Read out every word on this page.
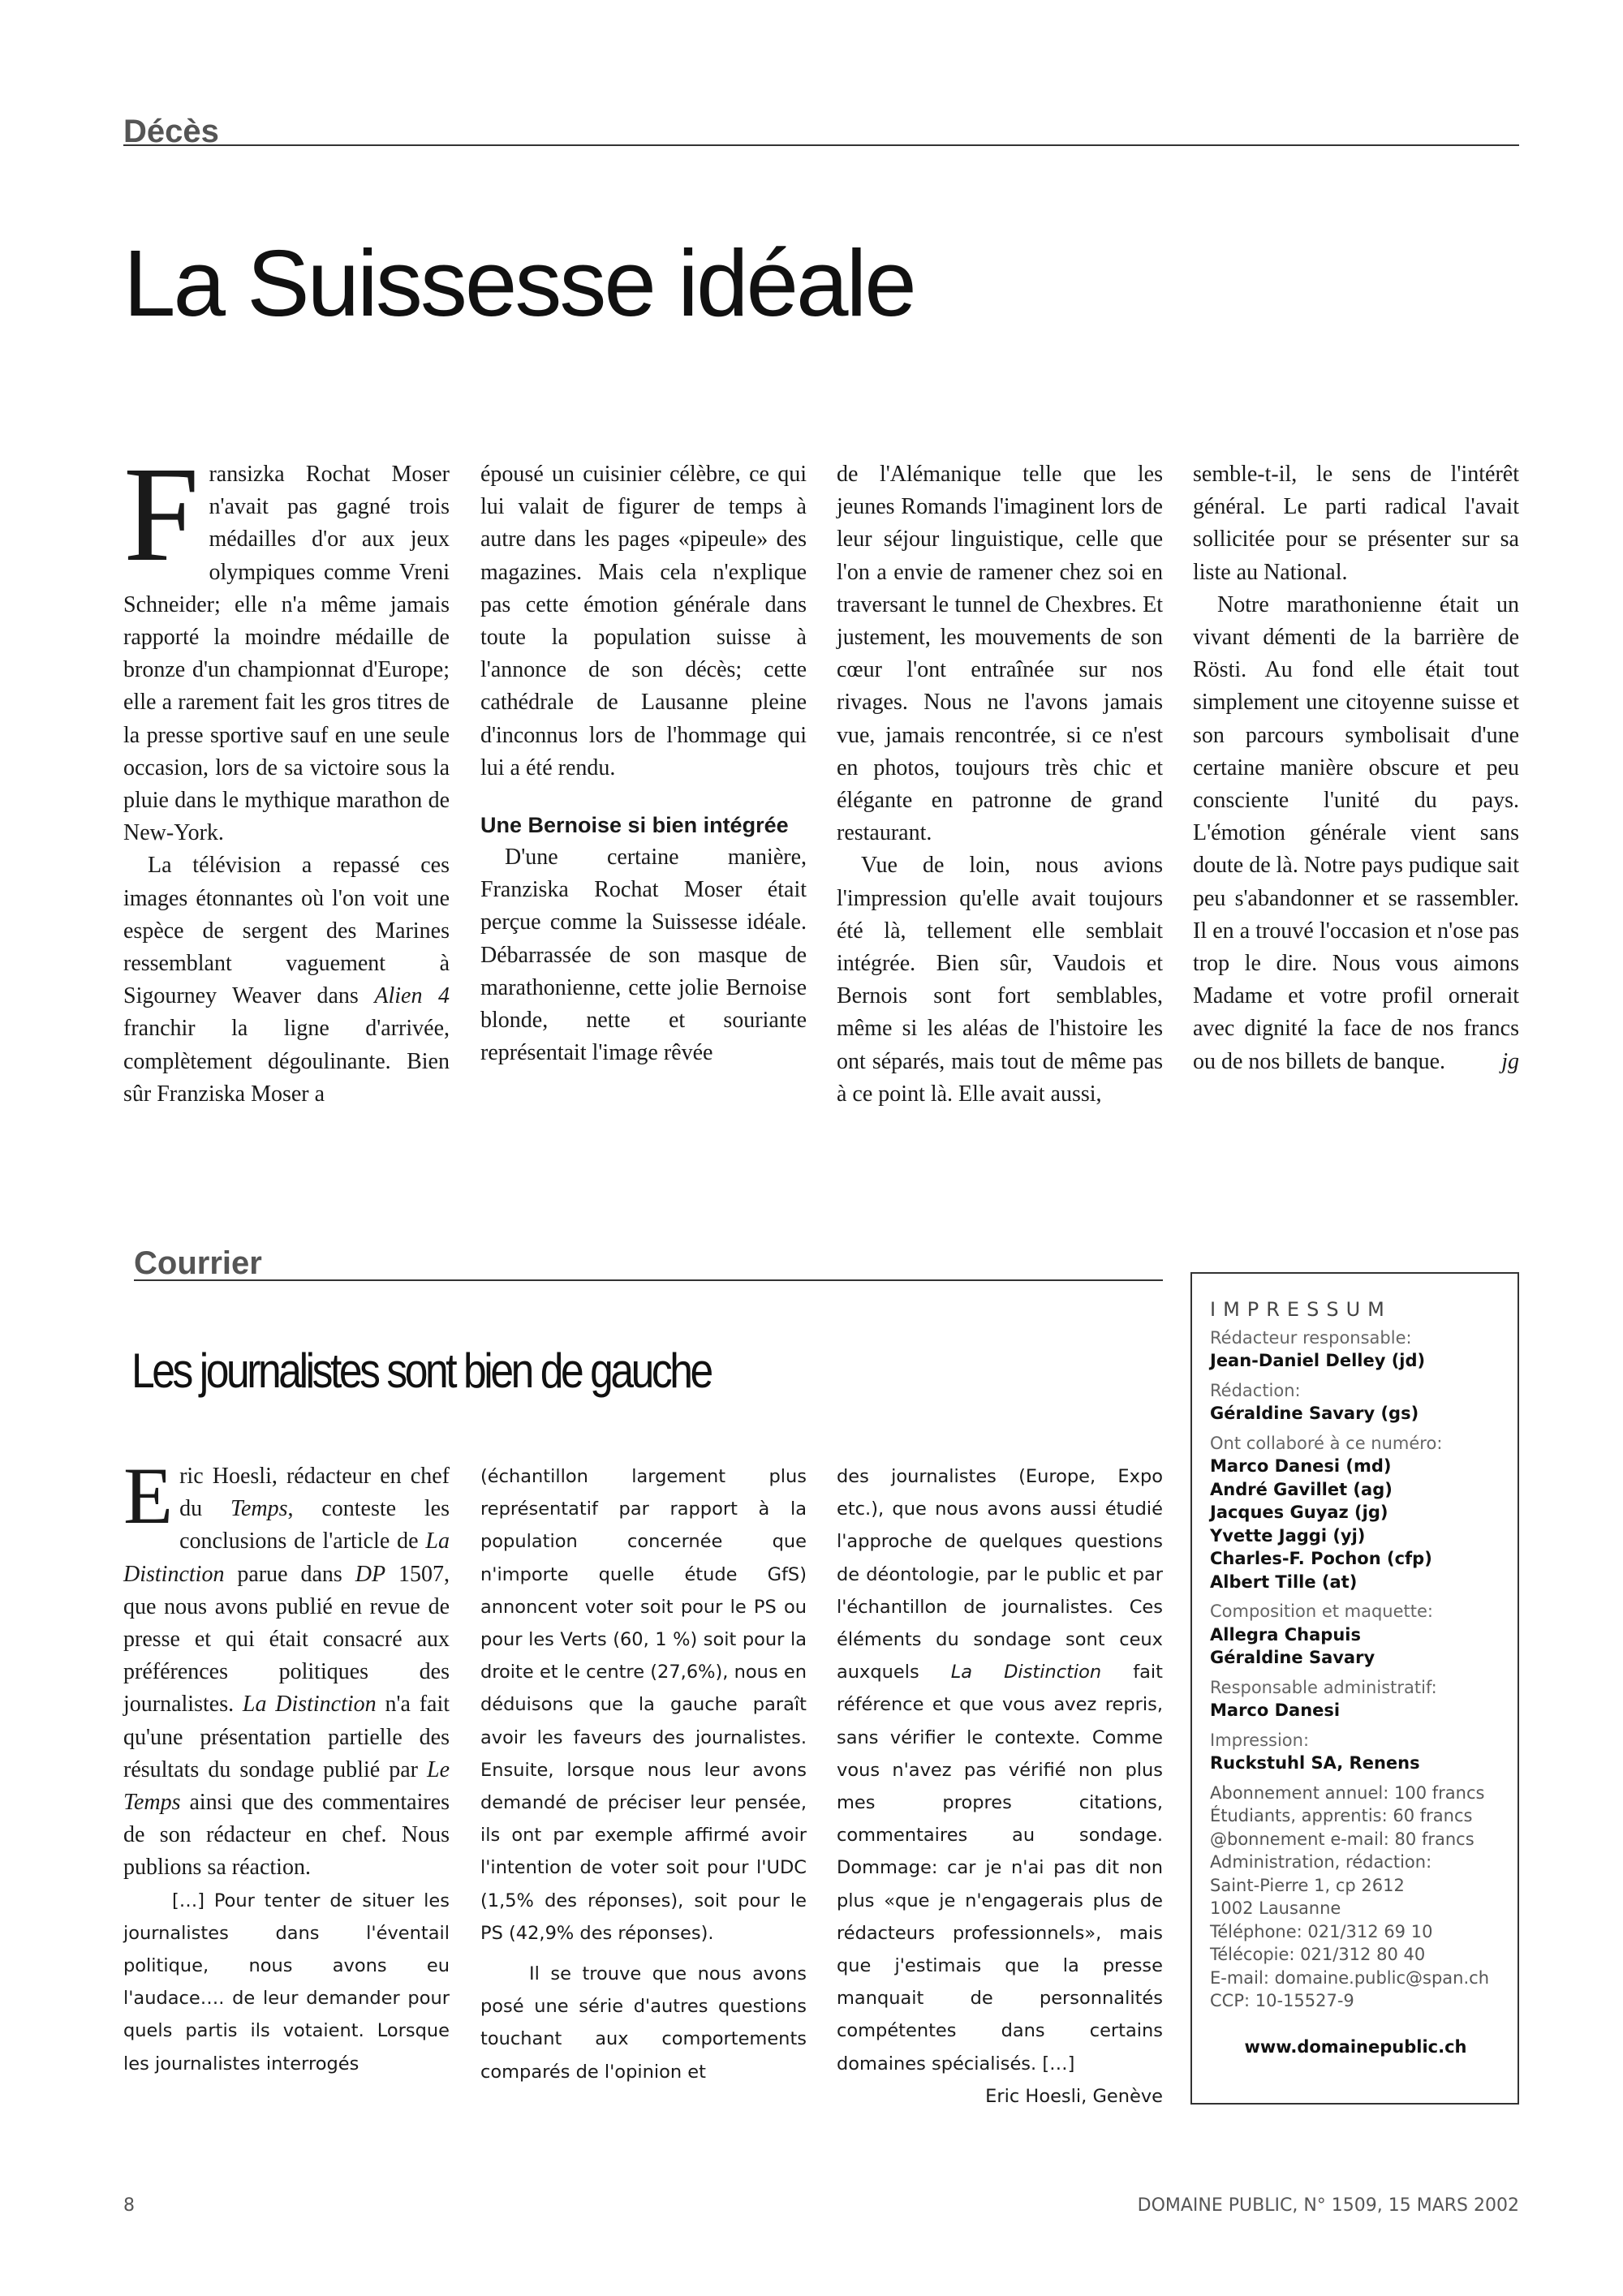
Décès
La Suissesse idéale

Fransizka Rochat Moser n'avait pas gagné trois médailles d'or aux jeux olympiques comme Vreni Schneider; elle n'a même jamais rapporté la moindre médaille de bronze d'un championnat d'Europe; elle a rarement fait les gros titres de la presse sportive sauf en une seule occasion, lors de sa victoire sous la pluie dans le mythique marathon de New-York.

La télévision a repassé ces images étonnantes où l'on voit une espèce de sergent des Marines ressemblant vaguement à Sigourney Weaver dans Alien 4 franchir la ligne d'arrivée, complètement dégoulinante. Bien sûr Franziska Moser a

épousé un cuisinier célèbre, ce qui lui valait de figurer de temps à autre dans les pages «pipeule» des magazines. Mais cela n'explique pas cette émotion générale dans toute la population suisse à l'annonce de son décès; cette cathédrale de Lausanne pleine d'inconnus lors de l'hommage qui lui a été rendu.

Une Bernoise si bien intégrée

D'une certaine manière, Franziska Rochat Moser était perçue comme la Suissesse idéale. Débarrassée de son masque de marathonienne, cette jolie Bernoise blonde, nette et souriante représentait l'image rêvée

de l'Alémanique telle que les jeunes Romands l'imaginent lors de leur séjour linguistique, celle que l'on a envie de ramener chez soi en traversant le tunnel de Chexbres. Et justement, les mouvements de son cœur l'ont entraînée sur nos rivages. Nous ne l'avons jamais vue, jamais rencontrée, si ce n'est en photos, toujours très chic et élégante en patronne de grand restaurant.

Vue de loin, nous avions l'impression qu'elle avait toujours été là, tellement elle semblait intégrée. Bien sûr, Vaudois et Bernois sont fort semblables, même si les aléas de l'histoire les ont séparés, mais tout de même pas à ce point là. Elle avait aussi,

semble-t-il, le sens de l'intérêt général. Le parti radical l'avait sollicitée pour se présenter sur sa liste au National.

Notre marathonienne était un vivant démenti de la barrière de Rösti. Au fond elle était tout simplement une citoyenne suisse et son parcours symbolisait d'une certaine manière obscure et peu consciente l'unité du pays. L'émotion générale vient sans doute de là. Notre pays pudique sait peu s'abandonner et se rassembler. Il en a trouvé l'occasion et n'ose pas trop le dire. Nous vous aimons Madame et votre profil ornerait avec dignité la face de nos francs ou de nos billets de banque.	jg

Courrier
Les journalistes sont bien de gauche

Eric Hoesli, rédacteur en chef du Temps, conteste les conclusions de l'article de La Distinction parue dans DP 1507, que nous avons publié en revue de presse et qui était consacré aux préférences politiques des journalistes. La Distinction n'a fait qu'une présentation partielle des résultats du sondage publié par Le Temps ainsi que des commentaires de son rédacteur en chef. Nous publions sa réaction.

[…] Pour tenter de situer les journalistes dans l'éventail politique, nous avons eu l'audace…. de leur demander pour quels partis ils votaient. Lorsque les journalistes interrogés

(échantillon largement plus représentatif par rapport à la population concernée que n'importe quelle étude GfS) annoncent voter soit pour le PS ou pour les Verts (60, 1 %) soit pour la droite et le centre (27,6%), nous en déduisons que la gauche paraît avoir les faveurs des journalistes. Ensuite, lorsque nous leur avons demandé de préciser leur pensée, ils ont par exemple affirmé avoir l'intention de voter soit pour l'UDC (1,5% des réponses), soit pour le PS (42,9% des réponses).

Il se trouve que nous avons posé une série d'autres questions touchant aux comportements comparés de l'opinion et

des journalistes (Europe, Expo etc.), que nous avons aussi étudié l'approche de quelques questions de déontologie, par le public et par l'échantillon de journalistes. Ces éléments du sondage sont ceux auxquels La Distinction fait référence et que vous avez repris, sans vérifier le contexte. Comme vous n'avez pas vérifié non plus mes propres citations, commentaires au sondage. Dommage: car je n'ai pas dit non plus «que je n'engagerais plus de rédacteurs professionnels», mais que j'estimais que la presse manquait de personnalités compétentes dans certains domaines spécialisés. […]

Eric Hoesli, Genève

IMPRESSUM
Rédacteur responsable:
Jean-Daniel Delley (jd)
Rédaction:
Géraldine Savary (gs)
Ont collaboré à ce numéro:
Marco Danesi (md)
André Gavillet (ag)
Jacques Guyaz (jg)
Yvette Jaggi (yj)
Charles-F. Pochon (cfp)
Albert Tille (at)
Composition et maquette:
Allegra Chapuis
Géraldine Savary
Responsable administratif:
Marco Danesi
Impression:
Ruckstuhl SA, Renens
Abonnement annuel: 100 francs
Étudiants, apprentis: 60 francs
@bonnement e-mail: 80 francs
Administration, rédaction:
Saint-Pierre 1, cp 2612
1002 Lausanne
Téléphone: 021/312 69 10
Télécopie: 021/312 80 40
E-mail: domaine.public@span.ch
CCP: 10-15527-9
www.domainepublic.ch
8	DOMAINE PUBLIC, N° 1509, 15 MARS 2002
